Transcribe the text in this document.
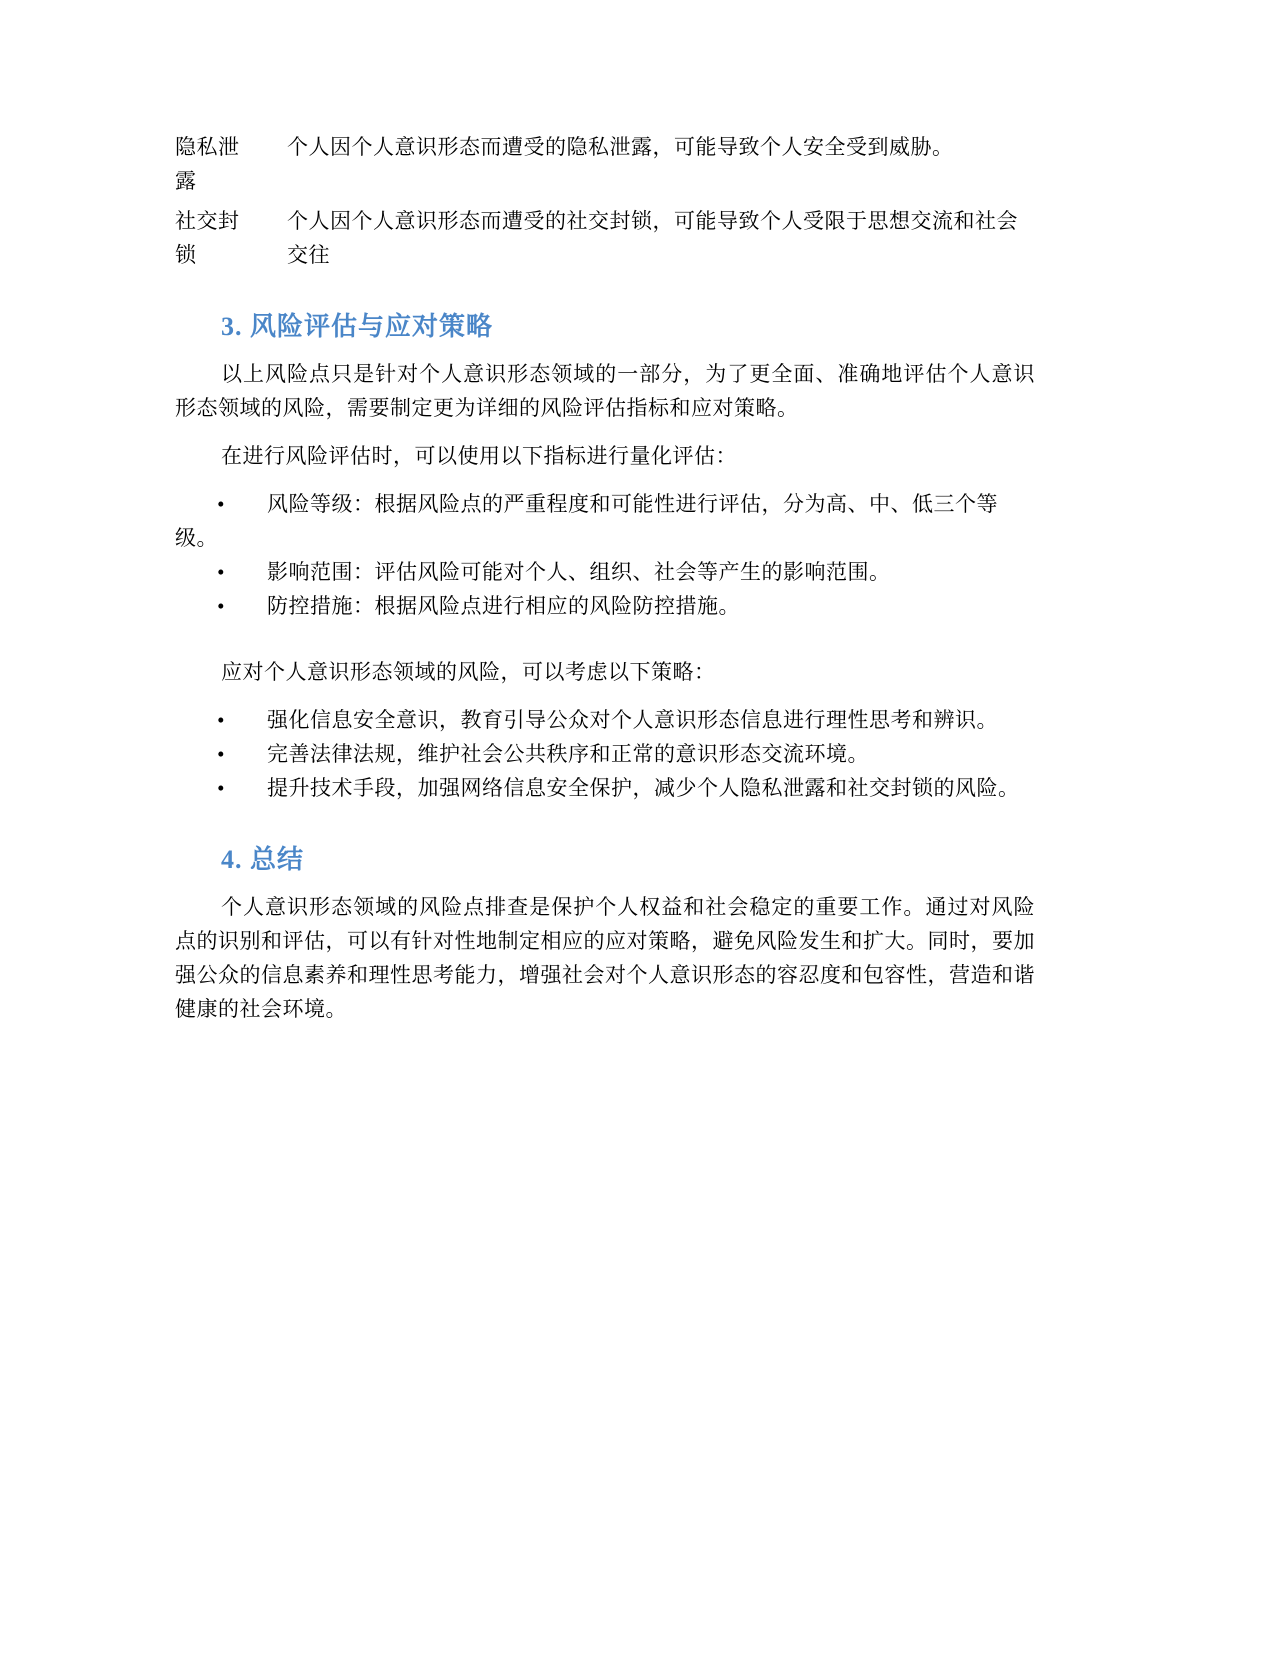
隐私泄
露
个人因个人意识形态而遭受的隐私泄露，可能导致个人安全受到威胁。
社交封
锁
个人因个人意识形态而遭受的社交封锁，可能导致个人受限于思想交流和社会交往
3. 风险评估与应对策略

以上风险点只是针对个人意识形态领域的一部分，为了更全面、准确地评估个人意识形态领域的风险，需要制定更为详细的风险评估指标和应对策略。

在进行风险评估时，可以使用以下指标进行量化评估：

• 风险等级：根据风险点的严重程度和可能性进行评估，分为高、中、低三个等级。
• 影响范围：评估风险可能对个人、组织、社会等产生的影响范围。
• 防控措施：根据风险点进行相应的风险防控措施。

应对个人意识形态领域的风险，可以考虑以下策略：

• 强化信息安全意识，教育引导公众对个人意识形态信息进行理性思考和辨识。
• 完善法律法规，维护社会公共秩序和正常的意识形态交流环境。
• 提升技术手段，加强网络信息安全保护，减少个人隐私泄露和社交封锁的风险。
4. 总结

个人意识形态领域的风险点排查是保护个人权益和社会稳定的重要工作。通过对风险点的识别和评估，可以有针对性地制定相应的应对策略，避免风险发生和扩大。同时，要加强公众的信息素养和理性思考能力，增强社会对个人意识形态的容忍度和包容性，营造和谐健康的社会环境。
